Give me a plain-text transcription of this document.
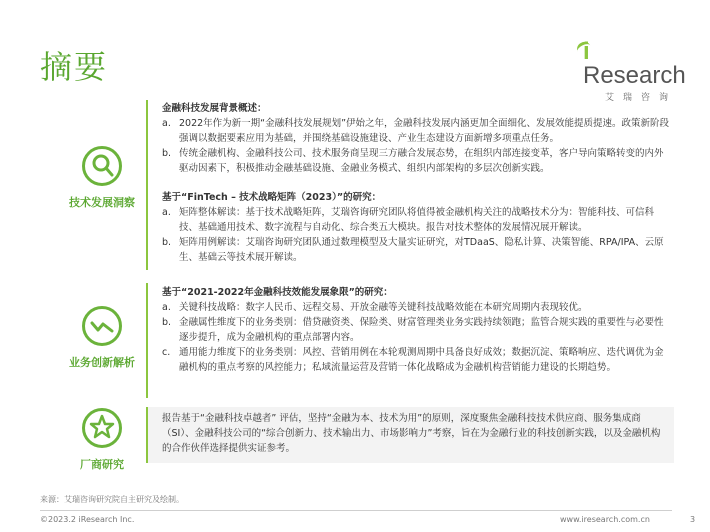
摘要	iResearch
艾瑞咨询
技术发展洞察
业务创新解析
厂商研究

金融科技发展背景概述：

a. 2022年作为新一期“金融科技发展规划”伊始之年，金融科技发展内涵更加全面细化、发展效能提质提速。政策新阶段强调以数据要素应用为基础，并围绕基础设施建设、产业生态建设方面新增多项重点任务。

b. 传统金融机构、金融科技公司、技术服务商呈现三方融合发展态势，在组织内部连接变革，客户导向策略转变的内外驱动因素下，积极推动金融基础设施、金融业务模式、组织内部架构的多层次创新实践。

基于“FinTech – 技术战略矩阵（2023）”的研究：

a. 矩阵整体解读：基于技术战略矩阵，艾瑞咨询研究团队将值得被金融机构关注的战略技术分为：智能科技、可信科技、基础通用技术、数字流程与自动化、综合类五大模块。报告对技术整体的发展情况展开解读。

b. 矩阵用例解读：艾瑞咨询研究团队通过数理模型及大量实证研究，对TDaaS、隐私计算、决策智能、RPA/IPA、云原生、基础云等技术展开解读。

基于“2021-2022年金融科技效能发展象限”的研究：

a. 关键科技战略：数字人民币、远程交易、开放金融等关键科技战略效能在本研究周期内表现较优。

b. 金融属性维度下的业务类别：借贷融资类、保险类、财富管理类业务实践持续领跑；监管合规实践的重要性与必要性逐步提升，成为金融机构的重点部署内容。

c. 通用能力维度下的业务类别：风控、营销用例在本轮观测周期中具备良好成效；数据沉淀、策略响应、迭代调优为金融机构的重点考察的风控能力；私域流量运营及营销一体化战略成为金融机构营销能力建设的长期趋势。

报告基于“金融科技卓越者” 评估，坚持“金融为本、技术为用”的原则，深度聚焦金融科技技术供应商、服务集成商（SI）、金融科技公司的“综合创新力、技术输出力、市场影响力”考察，旨在为金融行业的科技创新实践，以及金融机构的合作伙伴选择提供实证参考。

来源：艾瑞咨询研究院自主研究及绘制。
©2023.2 iResearch Inc.	www.iresearch.com.cn	3
